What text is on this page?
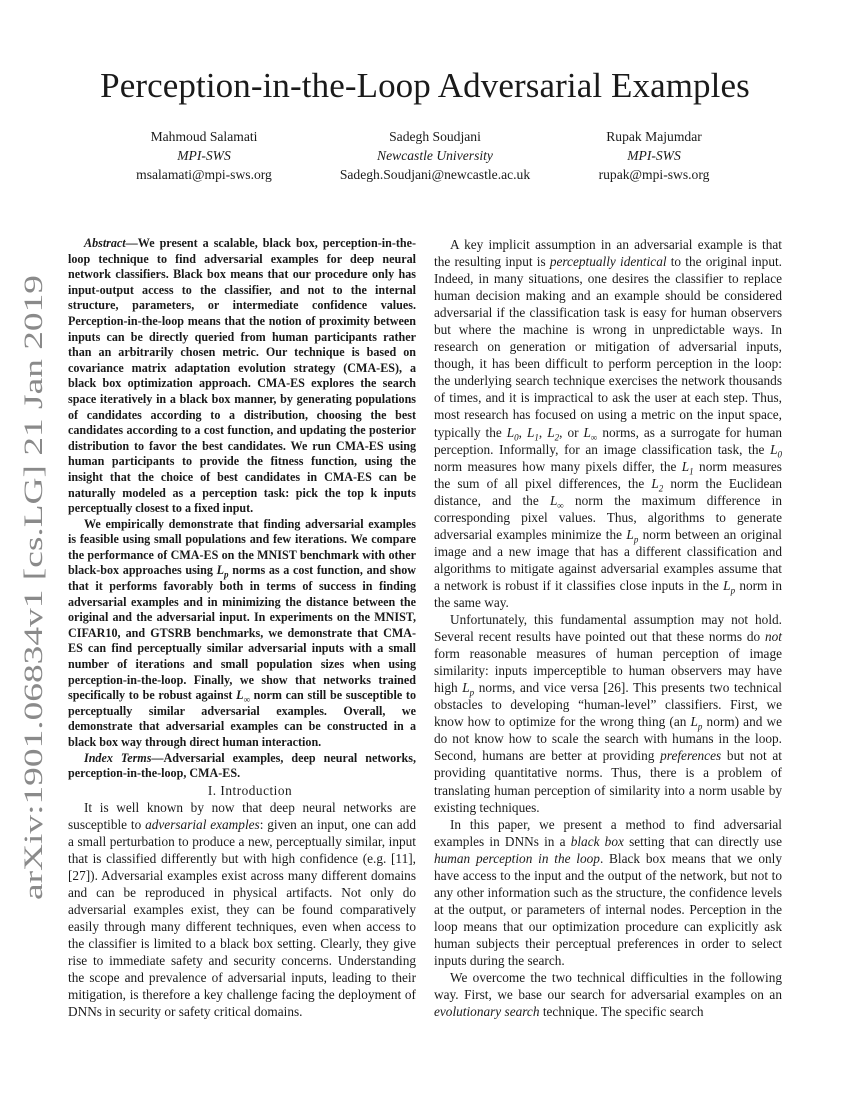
arXiv:1901.06834v1 [cs.LG] 21 Jan 2019
Perception-in-the-Loop Adversarial Examples
Mahmoud Salamati
MPI-SWS
msalamati@mpi-sws.org
Sadegh Soudjani
Newcastle University
Sadegh.Soudjani@newcastle.ac.uk
Rupak Majumdar
MPI-SWS
rupak@mpi-sws.org

Abstract—We present a scalable, black box, perception-in-the-loop technique to find adversarial examples for deep neural network classifiers. Black box means that our procedure only has input-output access to the classifier, and not to the internal structure, parameters, or intermediate confidence values. Perception-in-the-loop means that the notion of proximity between inputs can be directly queried from human participants rather than an arbitrarily chosen metric. Our technique is based on covariance matrix adaptation evolution strategy (CMA-ES), a black box optimization approach. CMA-ES explores the search space iteratively in a black box manner, by generating populations of candidates according to a distribution, choosing the best candidates according to a cost function, and updating the posterior distribution to favor the best candidates. We run CMA-ES using human participants to provide the fitness function, using the insight that the choice of best candidates in CMA-ES can be naturally modeled as a perception task: pick the top k inputs perceptually closest to a fixed input.

We empirically demonstrate that finding adversarial examples is feasible using small populations and few iterations. We compare the performance of CMA-ES on the MNIST benchmark with other black-box approaches using $L_p$ norms as a cost function, and show that it performs favorably both in terms of success in finding adversarial examples and in minimizing the distance between the original and the adversarial input. In experiments on the MNIST, CIFAR10, and GTSRB benchmarks, we demonstrate that CMA-ES can find perceptually similar adversarial inputs with a small number of iterations and small population sizes when using perception-in-the-loop. Finally, we show that networks trained specifically to be robust against $L_\infty$ norm can still be susceptible to perceptually similar adversarial examples. Overall, we demonstrate that adversarial examples can be constructed in a black box way through direct human interaction.

Index Terms—Adversarial examples, deep neural networks, perception-in-the-loop, CMA-ES.

I. Introduction

It is well known by now that deep neural networks are susceptible to adversarial examples: given an input, one can add a small perturbation to produce a new, perceptually similar, input that is classified differently but with high confidence (e.g. [11], [27]). Adversarial examples exist across many different domains and can be reproduced in physical artifacts. Not only do adversarial examples exist, they can be found comparatively easily through many different techniques, even when access to the classifier is limited to a black box setting. Clearly, they give rise to immediate safety and security concerns. Understanding the scope and prevalence of adversarial inputs, leading to their mitigation, is therefore a key challenge facing the deployment of DNNs in security or safety critical domains.

A key implicit assumption in an adversarial example is that the resulting input is perceptually identical to the original input. Indeed, in many situations, one desires the classifier to replace human decision making and an example should be considered adversarial if the classification task is easy for human observers but where the machine is wrong in unpredictable ways. In research on generation or mitigation of adversarial inputs, though, it has been difficult to perform perception in the loop: the underlying search technique exercises the network thousands of times, and it is impractical to ask the user at each step. Thus, most research has focused on using a metric on the input space, typically the $L_0$, $L_1$, $L_2$, or $L_\infty$ norms, as a surrogate for human perception. Informally, for an image classification task, the $L_0$ norm measures how many pixels differ, the $L_1$ norm measures the sum of all pixel differences, the $L_2$ norm the Euclidean distance, and the $L_\infty$ norm the maximum difference in corresponding pixel values. Thus, algorithms to generate adversarial examples minimize the $L_p$ norm between an original image and a new image that has a different classification and algorithms to mitigate against adversarial examples assume that a network is robust if it classifies close inputs in the $L_p$ norm in the same way.

Unfortunately, this fundamental assumption may not hold. Several recent results have pointed out that these norms do not form reasonable measures of human perception of image similarity: inputs imperceptible to human observers may have high $L_p$ norms, and vice versa [26]. This presents two technical obstacles to developing “human-level” classifiers. First, we know how to optimize for the wrong thing (an $L_p$ norm) and we do not know how to scale the search with humans in the loop. Second, humans are better at providing preferences but not at providing quantitative norms. Thus, there is a problem of translating human perception of similarity into a norm usable by existing techniques.

In this paper, we present a method to find adversarial examples in DNNs in a black box setting that can directly use human perception in the loop. Black box means that we only have access to the input and the output of the network, but not to any other information such as the structure, the confidence levels at the output, or parameters of internal nodes. Perception in the loop means that our optimization procedure can explicitly ask human subjects their perceptual preferences in order to select inputs during the search.

We overcome the two technical difficulties in the following way. First, we base our search for adversarial examples on an evolutionary search technique. The specific search
